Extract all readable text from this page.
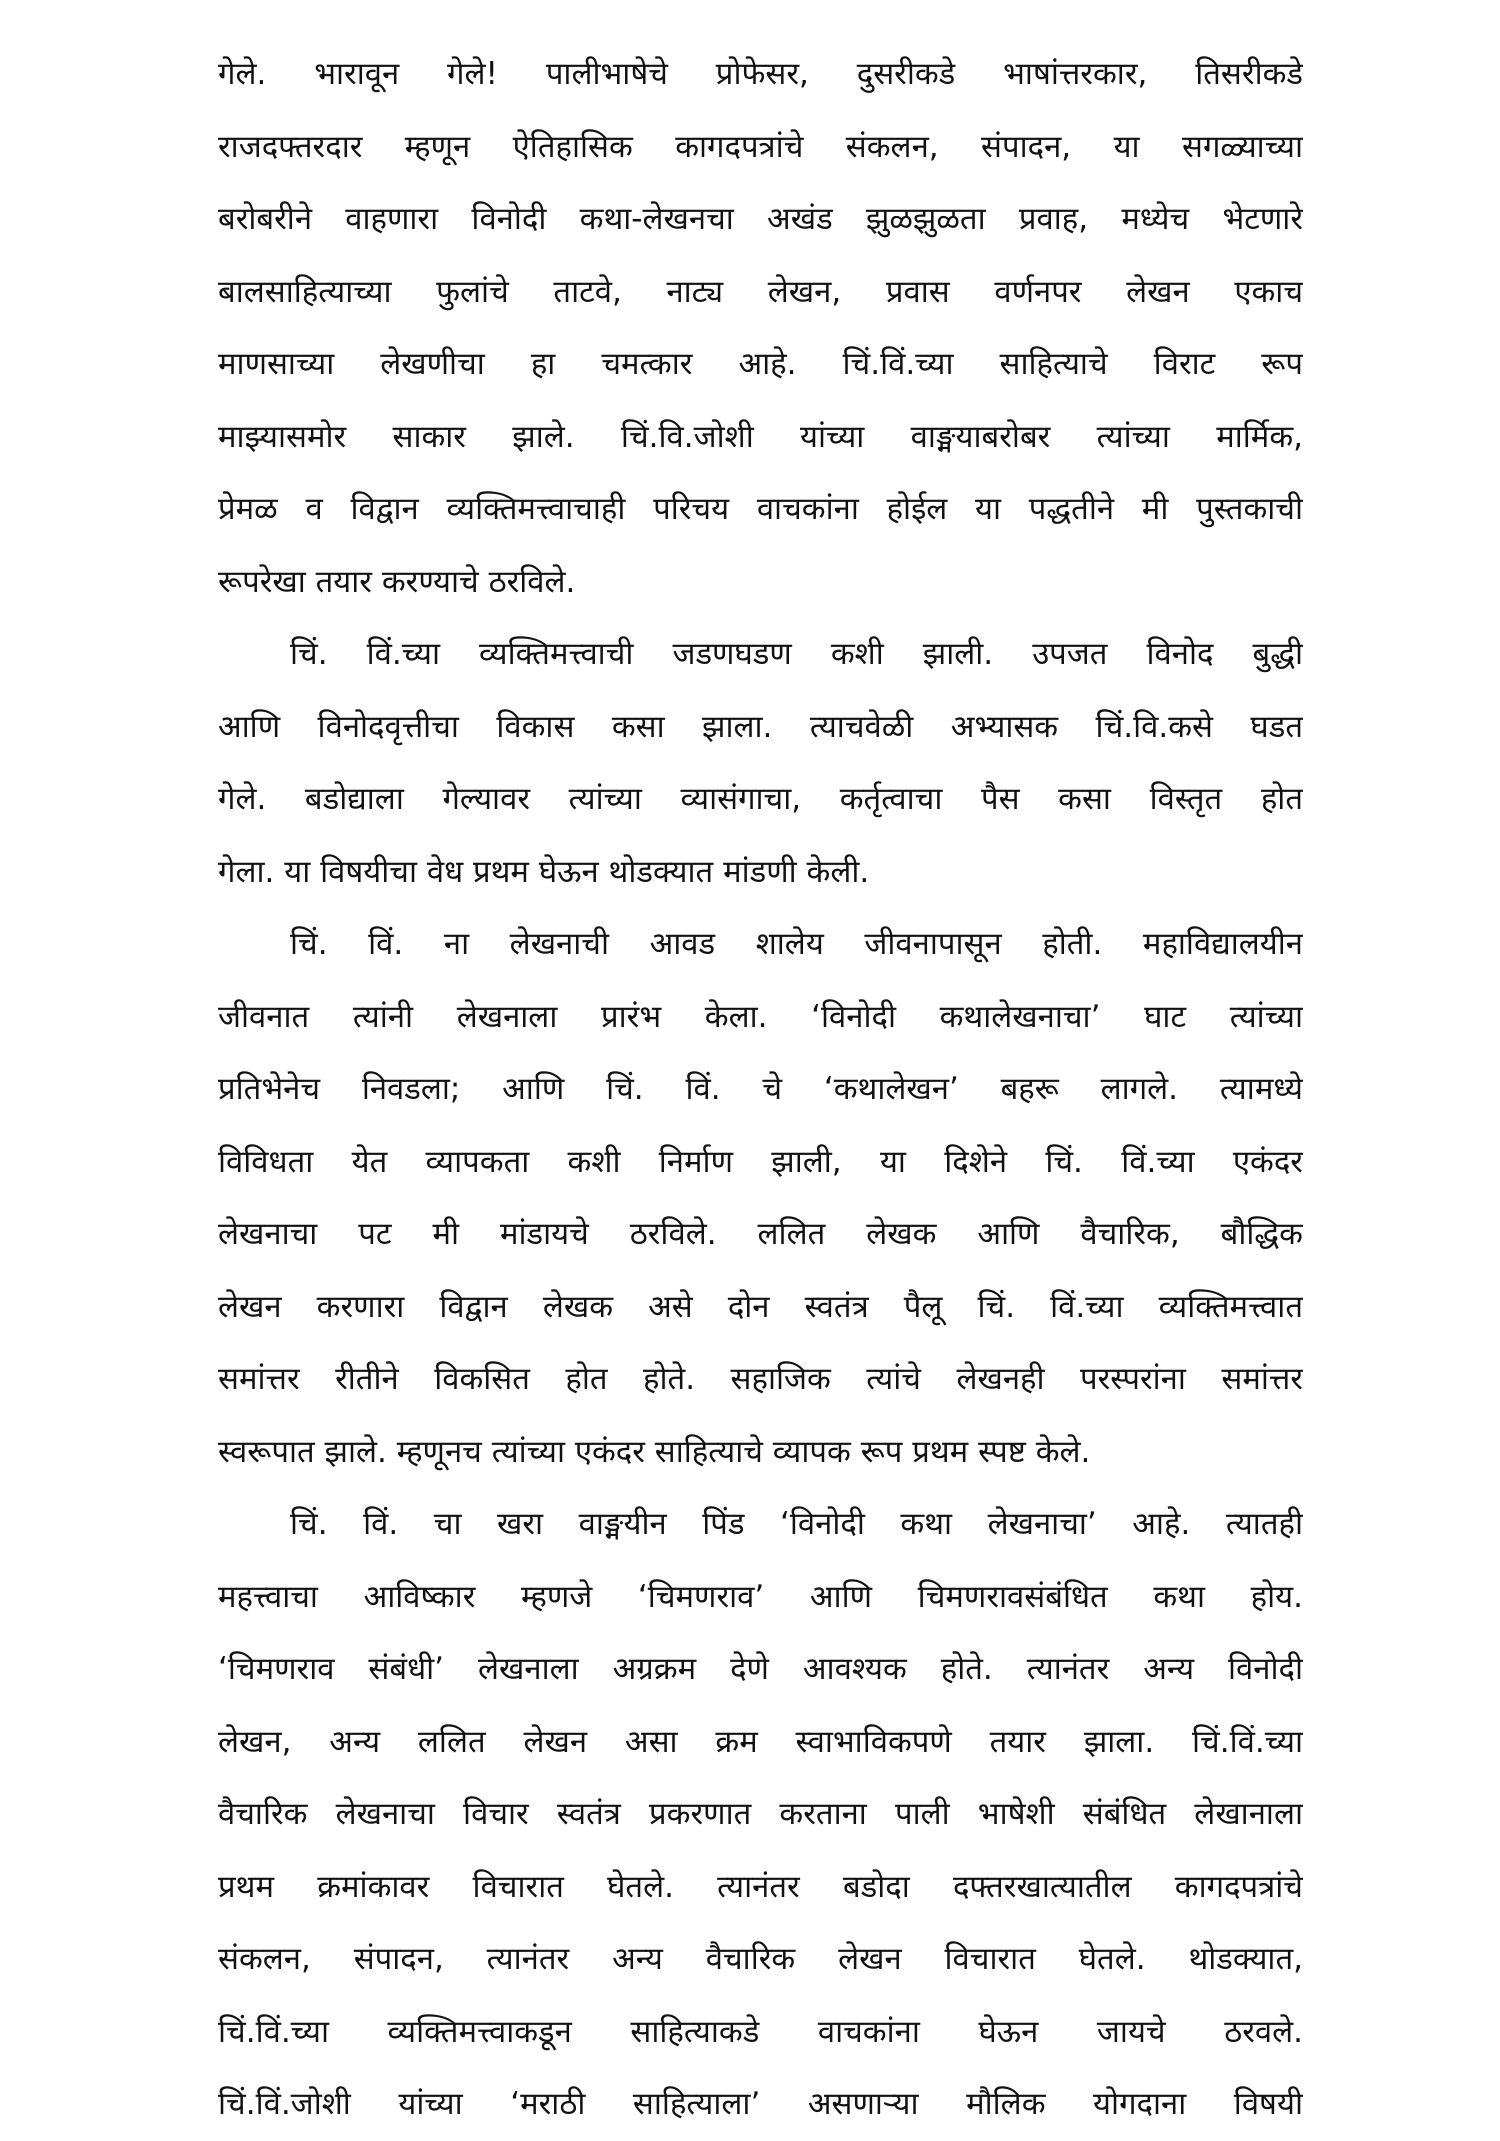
गेले. भारावून गेले! पालीभाषेचे प्रोफेसर, दुसरीकडे भाषांत्तरकार, तिसरीकडे
राजदफ्तरदार म्हणून ऐतिहासिक कागदपत्रांचे संकलन, संपादन, या सगळ्याच्या
बरोबरीने वाहणारा विनोदी कथा-लेखनचा अखंड झुळझुळता प्रवाह, मध्येच भेटणारे
बालसाहित्याच्या फुलांचे ताटवे, नाट्य लेखन, प्रवास वर्णनपर लेखन एकाच
माणसाच्या लेखणीचा हा चमत्कार आहे. चिं.विं.च्या साहित्याचे विराट रूप
माझ्यासमोर साकार झाले. चिं.वि.जोशी यांच्या वाङ्मयाबरोबर त्यांच्या मार्मिक,
प्रेमळ व विद्वान व्यक्तिमत्त्वाचाही परिचय वाचकांना होईल या पद्धतीने मी पुस्तकाची
रूपरेखा तयार करण्याचे ठरविले.
चिं. विं.च्या व्यक्तिमत्त्वाची जडणघडण कशी झाली. उपजत विनोद बुद्धी
आणि विनोदवृत्तीचा विकास कसा झाला. त्याचवेळी अभ्यासक चिं.वि.कसे घडत
गेले. बडोद्याला गेल्यावर त्यांच्या व्यासंगाचा, कर्तृत्वाचा पैस कसा विस्तृत होत
गेला. या विषयीचा वेध प्रथम घेऊन थोडक्यात मांडणी केली.
चिं. विं. ना लेखनाची आवड शालेय जीवनापासून होती. महाविद्यालयीन
जीवनात त्यांनी लेखनाला प्रारंभ केला. ‘विनोदी कथालेखनाचा’ घाट त्यांच्या
प्रतिभेनेच निवडला; आणि चिं. विं. चे ‘कथालेखन’ बहरू लागले. त्यामध्ये
विविधता येत व्यापकता कशी निर्माण झाली, या दिशेने चिं. विं.च्या एकंदर
लेखनाचा पट मी मांडायचे ठरविले. ललित लेखक आणि वैचारिक, बौद्धिक
लेखन करणारा विद्वान लेखक असे दोन स्वतंत्र पैलू चिं. विं.च्या व्यक्तिमत्त्वात
समांत्तर रीतीने विकसित होत होते. सहाजिक त्यांचे लेखनही परस्परांना समांत्तर
स्वरूपात झाले. म्हणूनच त्यांच्या एकंदर साहित्याचे व्यापक रूप प्रथम स्पष्ट केले.
चिं. विं. चा खरा वाङ्मयीन पिंड ‘विनोदी कथा लेखनाचा’ आहे. त्यातही
महत्त्वाचा आविष्कार म्हणजे ‘चिमणराव’ आणि चिमणरावसंबंधित कथा होय.
‘चिमणराव संबंधी’ लेखनाला अग्रक्रम देणे आवश्यक होते. त्यानंतर अन्य विनोदी
लेखन, अन्य ललित लेखन असा क्रम स्वाभाविकपणे तयार झाला. चिं.विं.च्या
वैचारिक लेखनाचा विचार स्वतंत्र प्रकरणात करताना पाली भाषेशी संबंधित लेखानाला
प्रथम क्रमांकावर विचारात घेतले. त्यानंतर बडोदा दफ्तरखात्यातील कागदपत्रांचे
संकलन, संपादन, त्यानंतर अन्य वैचारिक लेखन विचारात घेतले. थोडक्यात,
चिं.विं.च्या व्यक्तिमत्त्वाकडून साहित्याकडे वाचकांना घेऊन जायचे ठरवले.
चिं.विं.जोशी यांच्या ‘मराठी साहित्याला’ असणाऱ्या मौलिक योगदाना विषयी
